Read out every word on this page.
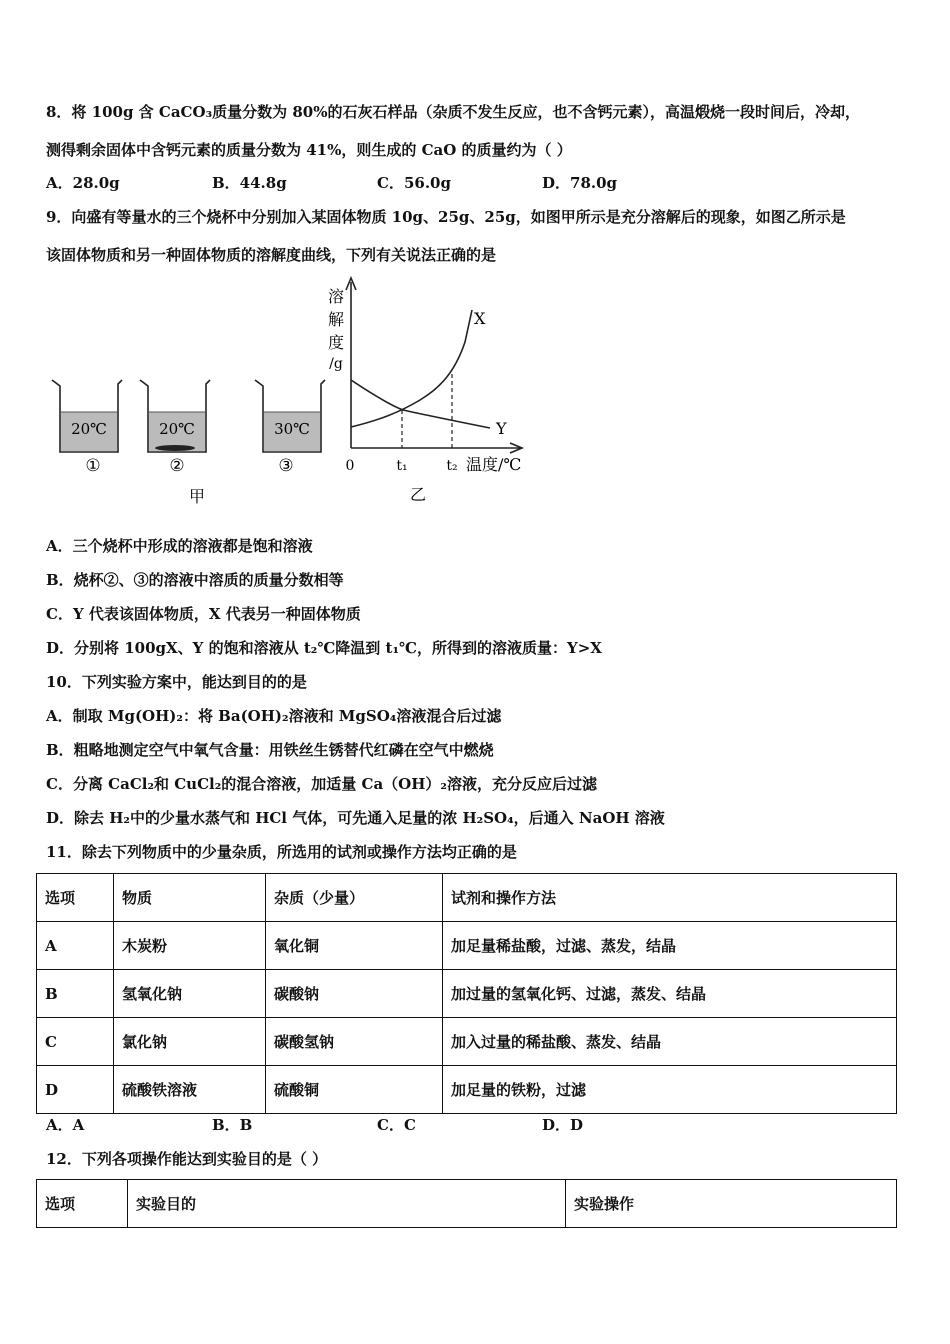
8．将 100g 含 CaCO₃质量分数为 80%的石灰石样品（杂质不发生反应，也不含钙元素），高温煅烧一段时间后，冷却，
测得剩余固体中含钙元素的质量分数为 41%，则生成的 CaO 的质量约为（ ）
A．28.0g	B．44.8g	C．56.0g	D．78.0g
9．向盛有等量水的三个烧杯中分别加入某固体物质 10g、25g、25g，如图甲所示是充分溶解后的现象，如图乙所示是
该固体物质和另一种固体物质的溶解度曲线，下列有关说法正确的是
20℃
①
20℃
②
30℃
③
甲
溶
解
度
/g
X
Y
0	t₁	t₂ 温度/℃
乙
A．三个烧杯中形成的溶液都是饱和溶液
B．烧杯②、③的溶液中溶质的质量分数相等
C．Y 代表该固体物质，X 代表另一种固体物质
D．分别将 100gX、Y 的饱和溶液从 t₂℃降温到 t₁℃，所得到的溶液质量：Y>X
10．下列实验方案中，能达到目的的是
A．制取 Mg(OH)₂：将 Ba(OH)₂溶液和 MgSO₄溶液混合后过滤
B．粗略地测定空气中氧气含量：用铁丝生锈替代红磷在空气中燃烧
C．分离 CaCl₂和 CuCl₂的混合溶液，加适量 Ca（OH）₂溶液，充分反应后过滤
D．除去 H₂中的少量水蒸气和 HCl 气体，可先通入足量的浓 H₂SO₄，后通入 NaOH 溶液
11．除去下列物质中的少量杂质，所选用的试剂或操作方法均正确的是
选项	物质	杂质（少量）	试剂和操作方法
A	木炭粉	氧化铜	加足量稀盐酸，过滤、蒸发，结晶
B	氢氧化钠	碳酸钠	加过量的氢氧化钙、过滤，蒸发、结晶
C	氯化钠	碳酸氢钠	加入过量的稀盐酸、蒸发、结晶
D	硫酸铁溶液	硫酸铜	加足量的铁粉，过滤
A．A	B．B	C．C	D．D
12．下列各项操作能达到实验目的是（ ）
选项	实验目的	实验操作
